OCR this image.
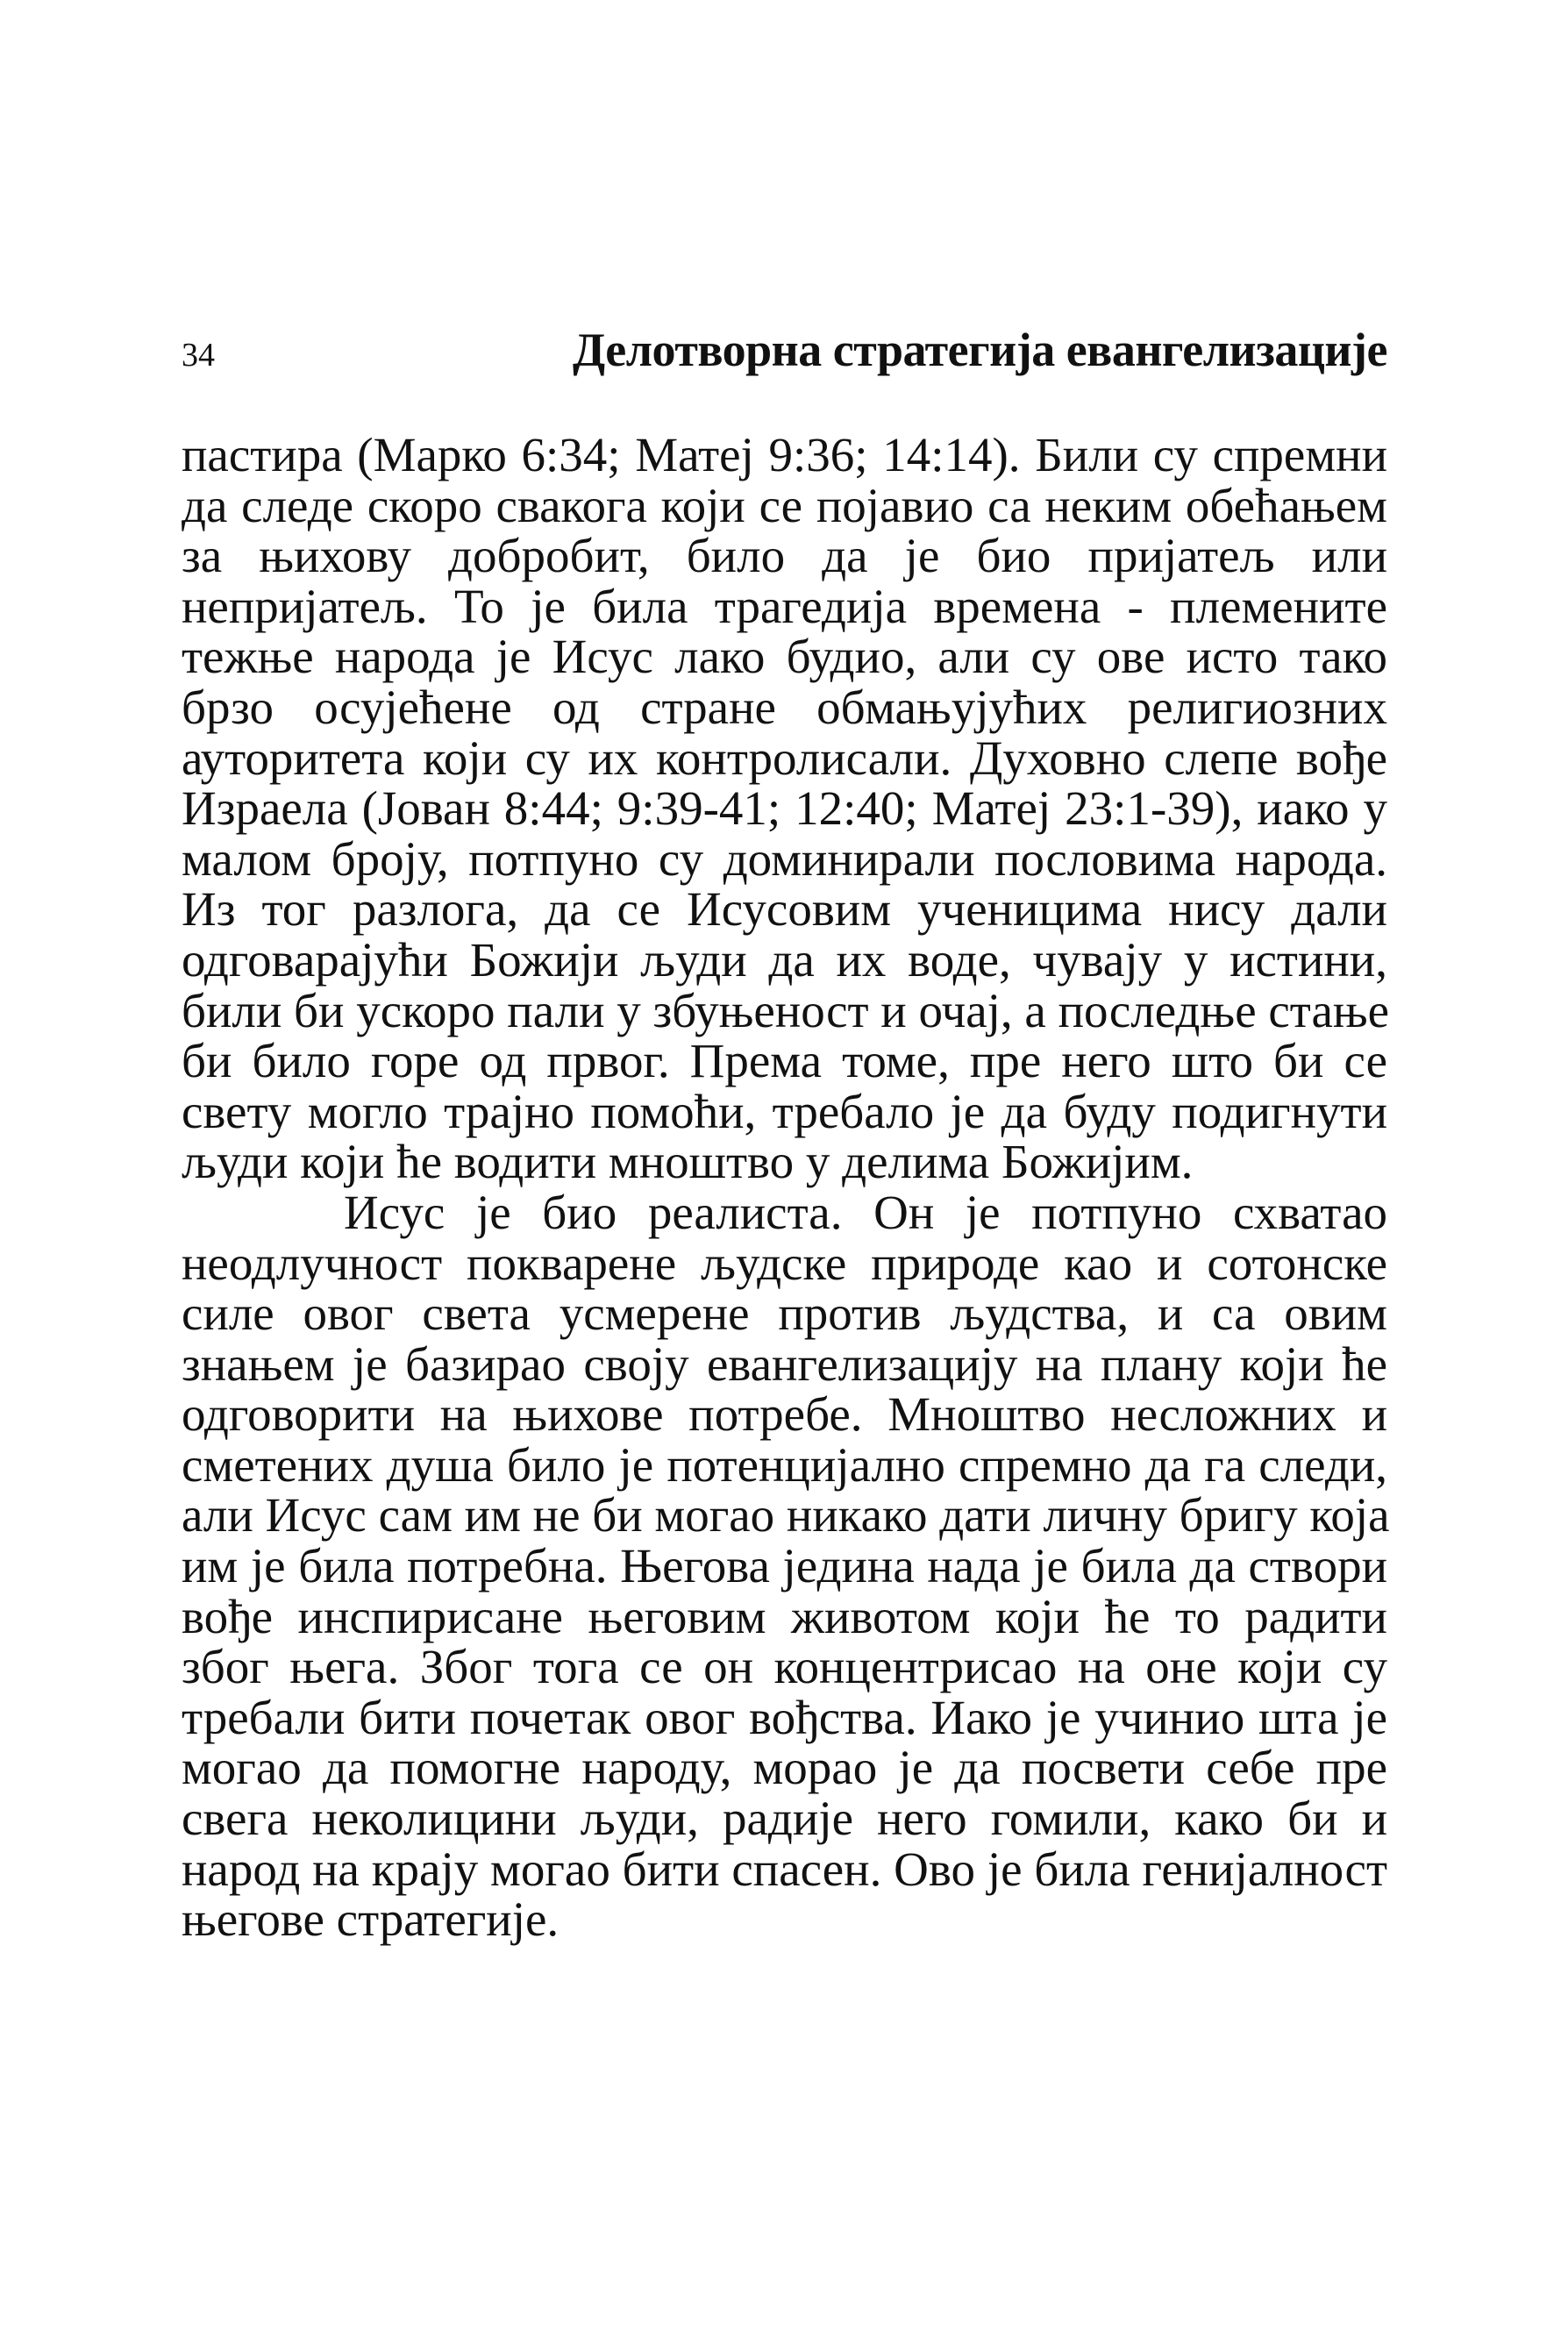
34	Делотворна стратегија евангелизације
пастира (Марко 6:34; Матеј 9:36; 14:14). Били су спремни
да следе скоро свакога који се појавио са неким обећањем
за њихову добробит, било да је био пријатељ или
непријатељ. То је била трагедија времена - племените
тежње народа је Исус лако будио, али су ове исто тако
брзо осујећене од стране обмањујућих религиозних
ауторитета који су их контролисали. Духовно слепе вође
Израела (Јован 8:44; 9:39-41; 12:40; Матеј 23:1-39), иако у
малом броју, потпуно су доминирали пословима народа.
Из тог разлога, да се Исусовим ученицима нису дали
одговарајући Божији људи да их воде, чувају у истини,
били би ускоро пали у збуњеност и очај, а последње стање
би било горе од првог. Према томе, пре него што би се
свету могло трајно помоћи, требало је да буду подигнути
људи који ће водити мноштво у делима Божијим.
Исус је био реалиста. Он је потпуно схватао
неодлучност покварене људске природе као и сотонске
силе овог света усмерене против људства, и са овим
знањем је базирао своју евангелизацију на плану који ће
одговорити на њихове потребе. Мноштво несложних и
сметених душа било је потенцијално спремно да га следи,
али Исус сам им не би могао никако дати личну бригу која
им је била потребна. Његова једина нада је била да створи
вође инспирисане његовим животом који ће то радити
због њега. Због тога се он концентрисао на оне који су
требали бити почетак овог вођства. Иако је учинио шта је
могао да помогне народу, морао је да посвети себе пре
свега неколицини људи, радије него гомили, како би и
народ на крају могао бити спасен. Ово је била генијалност
његове стратегије.
